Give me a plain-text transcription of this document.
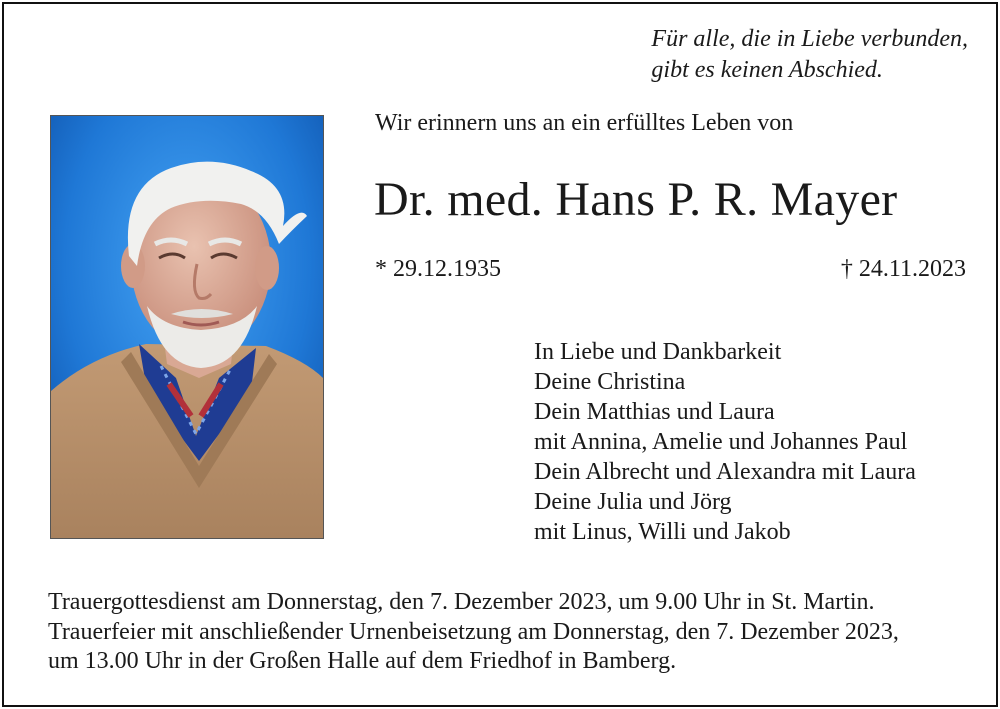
Für alle, die in Liebe verbunden,
gibt es keinen Abschied.
Wir erinnern uns an ein erfülltes Leben von
Dr. med. Hans P. R. Mayer
* 29.12.1935	† 24.11.2023
In Liebe und Dankbarkeit
Deine Christina
Dein Matthias und Laura
mit Annina, Amelie und Johannes Paul
Dein Albrecht und Alexandra mit Laura
Deine Julia und Jörg
mit Linus, Willi und Jakob
Trauergottesdienst am Donnerstag, den 7. Dezember 2023, um 9.00 Uhr in St. Martin.
Trauerfeier mit anschließender Urnenbeisetzung am Donnerstag, den 7. Dezember 2023,
um 13.00 Uhr in der Großen Halle auf dem Friedhof in Bamberg.
